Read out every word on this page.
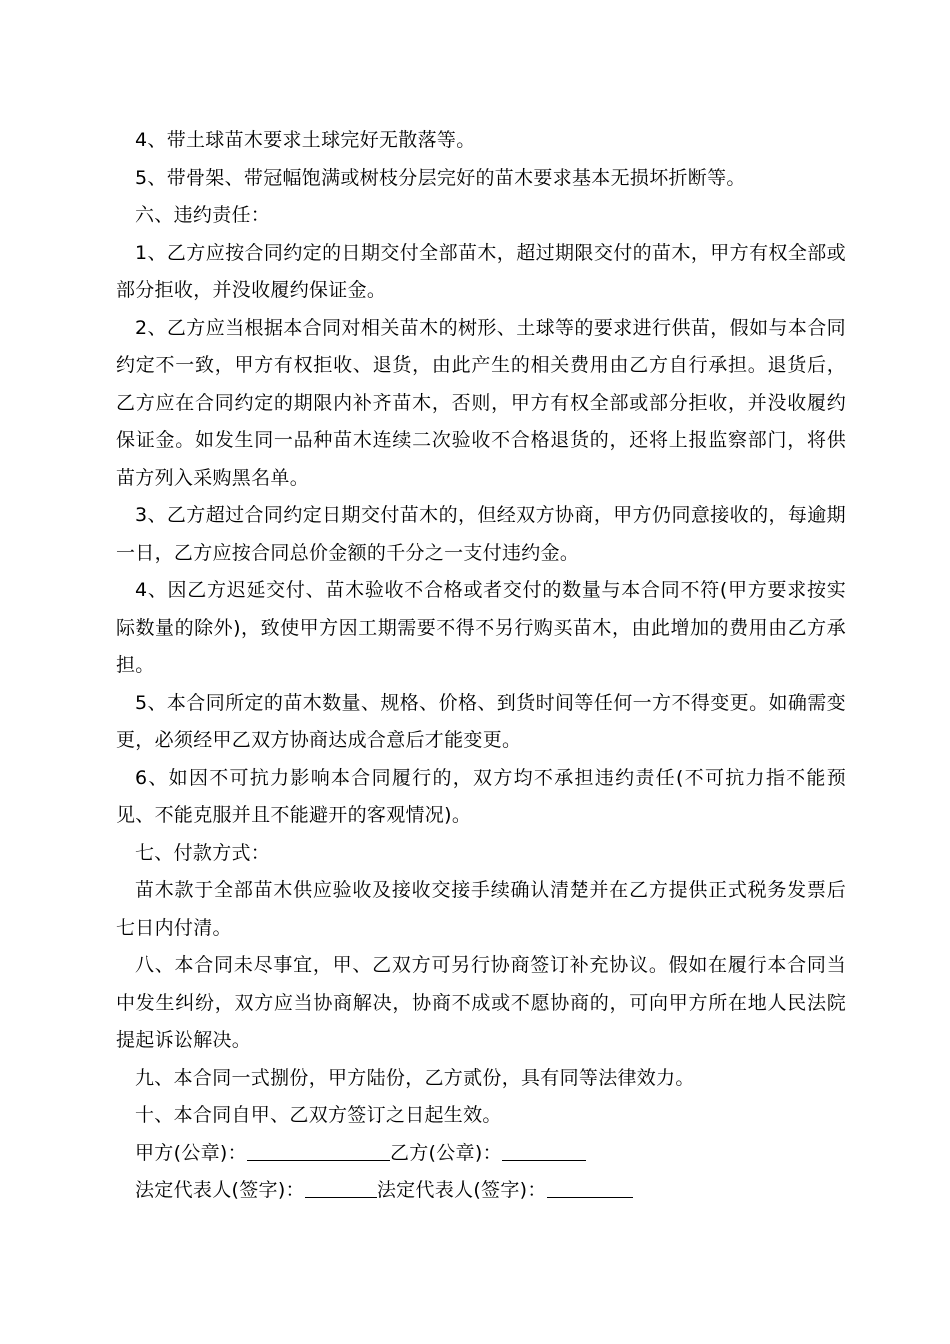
4、带土球苗木要求土球完好无散落等。

5、带骨架、带冠幅饱满或树枝分层完好的苗木要求基本无损坏折断等。

六、违约责任：

1、乙方应按合同约定的日期交付全部苗木，超过期限交付的苗木，甲方有权全部或部分拒收，并没收履约保证金。

2、乙方应当根据本合同对相关苗木的树形、土球等的要求进行供苗，假如与本合同约定不一致，甲方有权拒收、退货，由此产生的相关费用由乙方自行承担。退货后，乙方应在合同约定的期限内补齐苗木，否则，甲方有权全部或部分拒收，并没收履约保证金。如发生同一品种苗木连续二次验收不合格退货的，还将上报监察部门，将供苗方列入采购黑名单。

3、乙方超过合同约定日期交付苗木的，但经双方协商，甲方仍同意接收的，每逾期一日，乙方应按合同总价金额的千分之一支付违约金。

4、因乙方迟延交付、苗木验收不合格或者交付的数量与本合同不符(甲方要求按实际数量的除外)，致使甲方因工期需要不得不另行购买苗木，由此增加的费用由乙方承担。

5、本合同所定的苗木数量、规格、价格、到货时间等任何一方不得变更。如确需变更，必须经甲乙双方协商达成合意后才能变更。

6、如因不可抗力影响本合同履行的，双方均不承担违约责任(不可抗力指不能预见、不能克服并且不能避开的客观情况)。

七、付款方式：

苗木款于全部苗木供应验收及接收交接手续确认清楚并在乙方提供正式税务发票后七日内付清。

八、本合同未尽事宜，甲、乙双方可另行协商签订补充协议。假如在履行本合同当中发生纠纷，双方应当协商解决，协商不成或不愿协商的，可向甲方所在地人民法院提起诉讼解决。

九、本合同一式捌份，甲方陆份，乙方贰份，具有同等法律效力。

十、本合同自甲、乙双方签订之日起生效。

甲方(公章)：	乙方(公章)：

法定代表人(签字)：	法定代表人(签字)：
